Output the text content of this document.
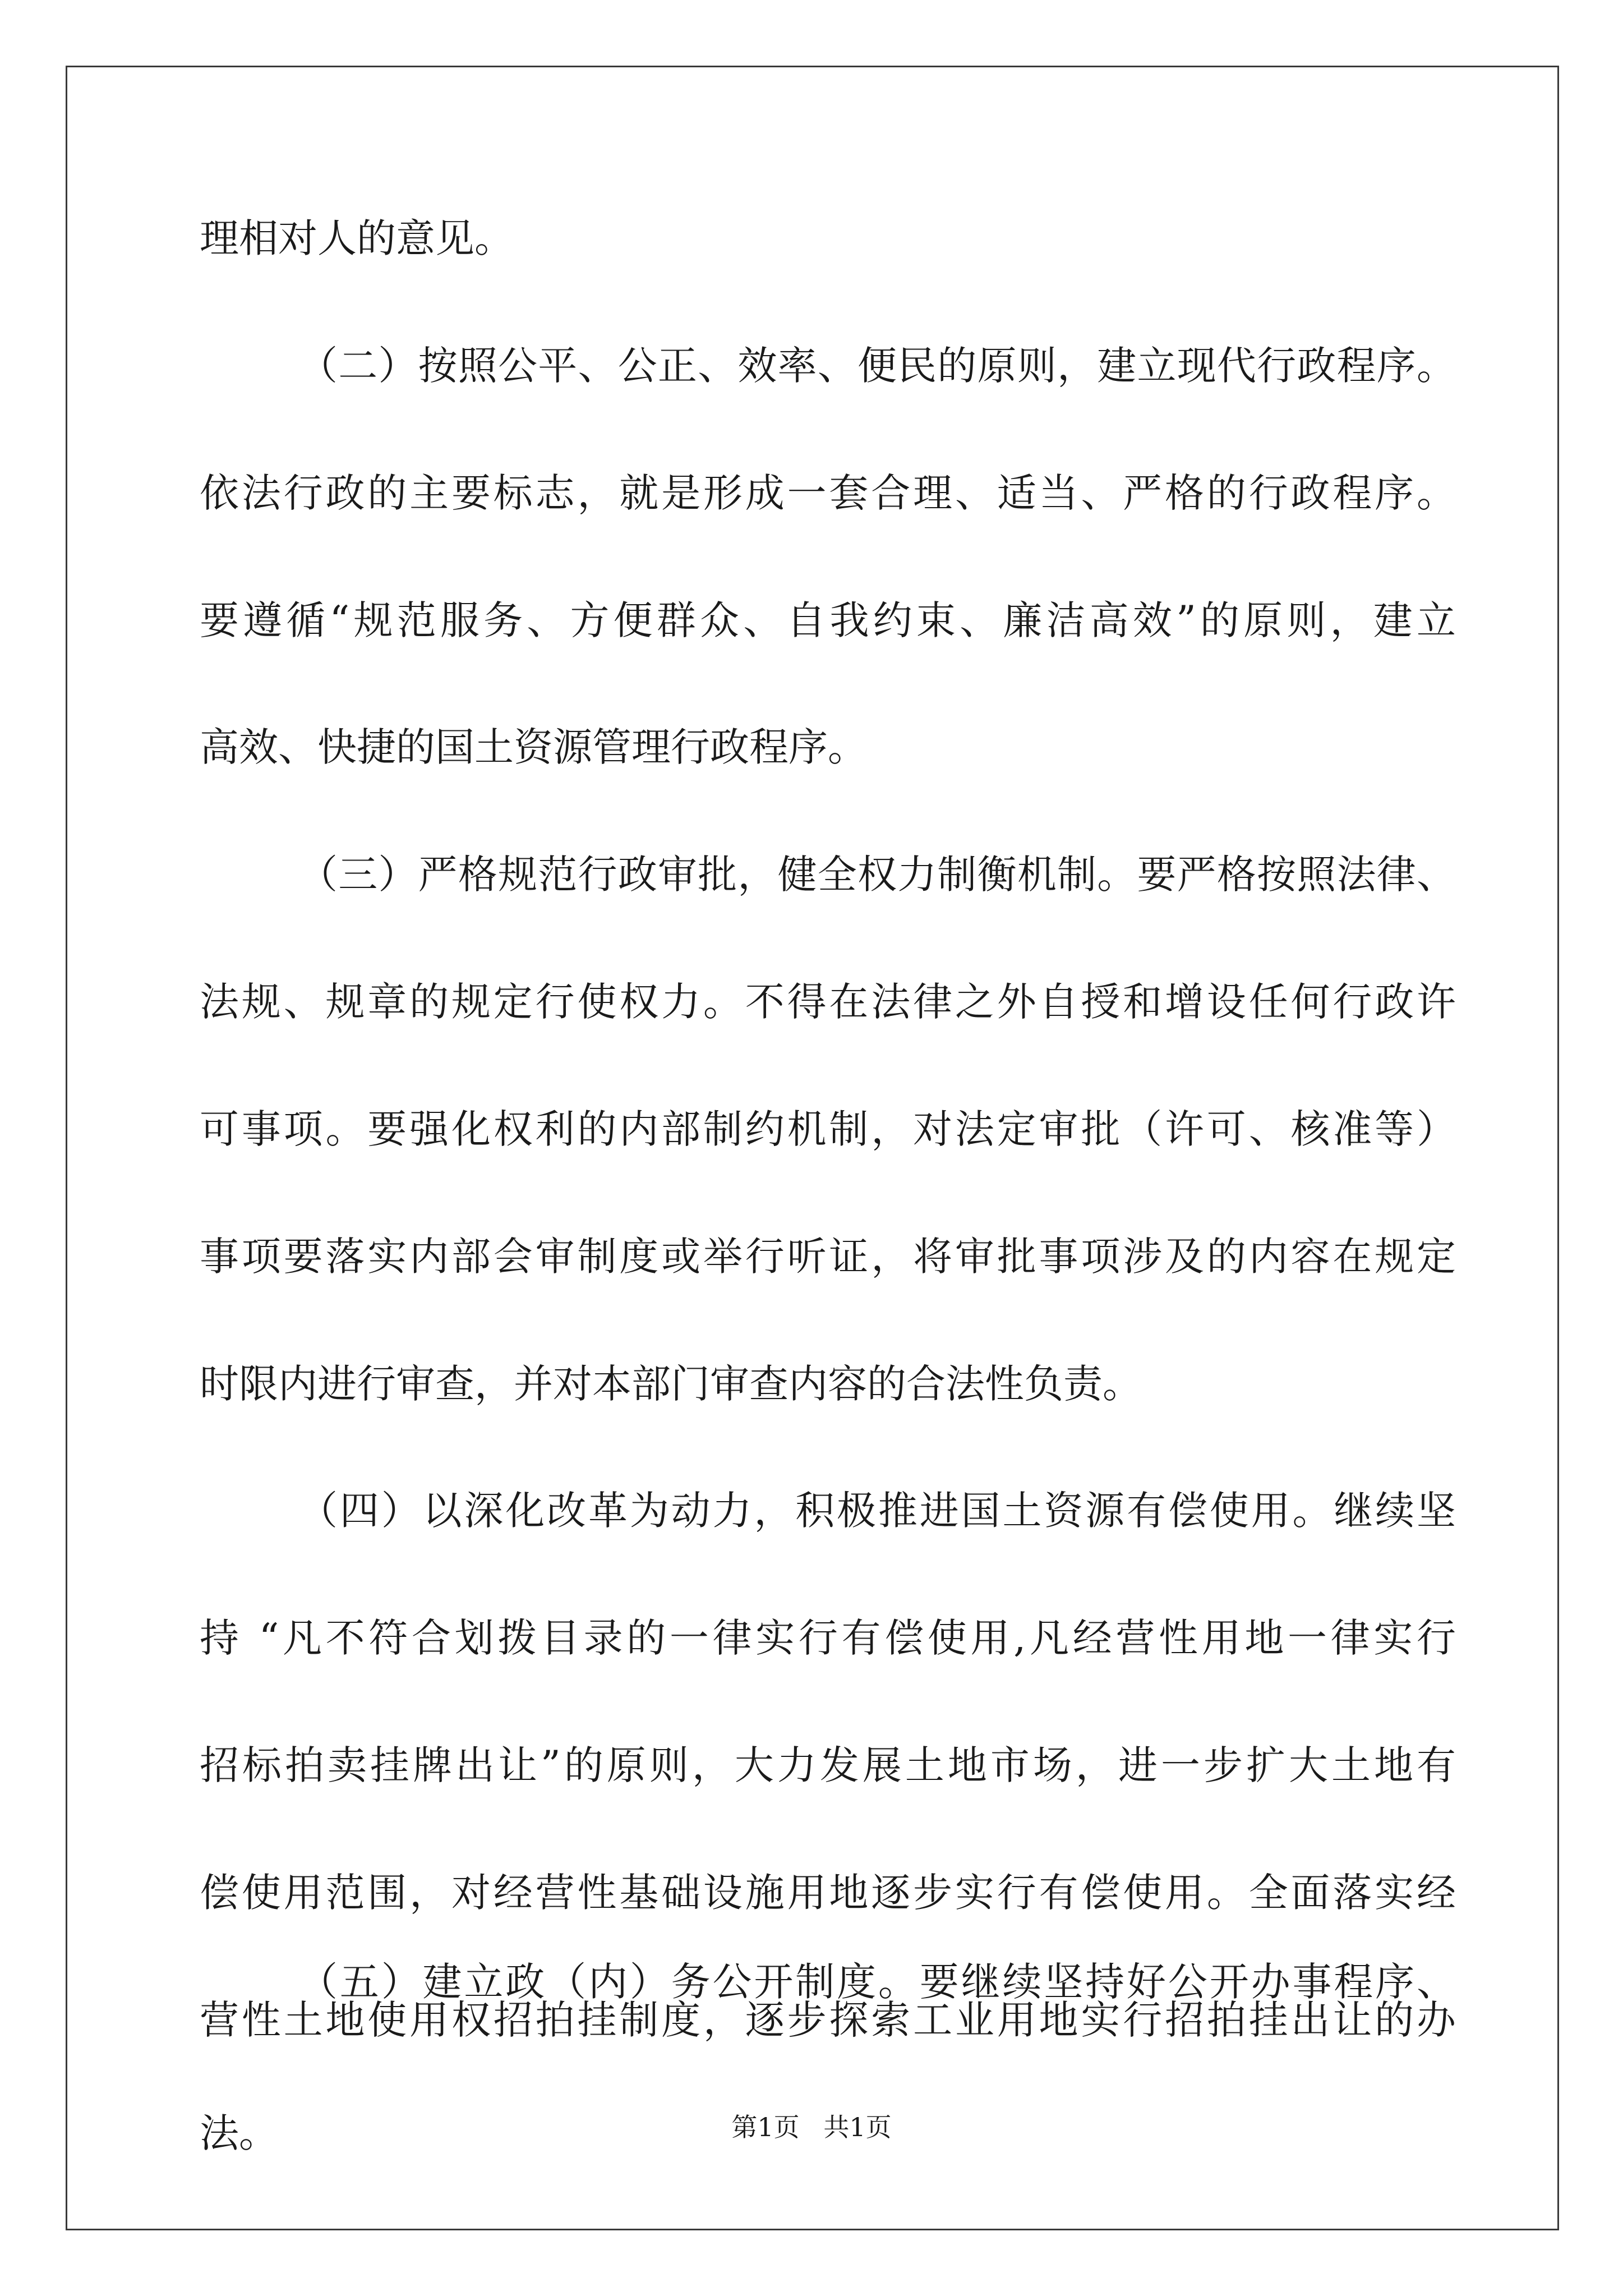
理相对人的意见。
（二）按照公平、公正、效率、便民的原则，建立现代行政程序。
依法行政的主要标志，就是形成一套合理、适当、严格的行政程序。
要遵循“规范服务、方便群众、自我约束、廉洁高效”的原则，建立
高效、快捷的国土资源管理行政程序。
（三）严格规范行政审批，健全权力制衡机制。要严格按照法律、
法规、规章的规定行使权力。不得在法律之外自授和增设任何行政许
可事项。要强化权利的内部制约机制，对法定审批（许可、核准等）
事项要落实内部会审制度或举行听证，将审批事项涉及的内容在规定
时限内进行审查，并对本部门审查内容的合法性负责。
（四）以深化改革为动力，积极推进国土资源有偿使用。继续坚
持 “凡不符合划拨目录的一律实行有偿使用,凡经营性用地一律实行
招标拍卖挂牌出让”的原则，大力发展土地市场，进一步扩大土地有
偿使用范围，对经营性基础设施用地逐步实行有偿使用。全面落实经
营性土地使用权招拍挂制度，逐步探索工业用地实行招拍挂出让的办
法。
（五）建立政（内）务公开制度。要继续坚持好公开办事程序、
第1页 共1页
